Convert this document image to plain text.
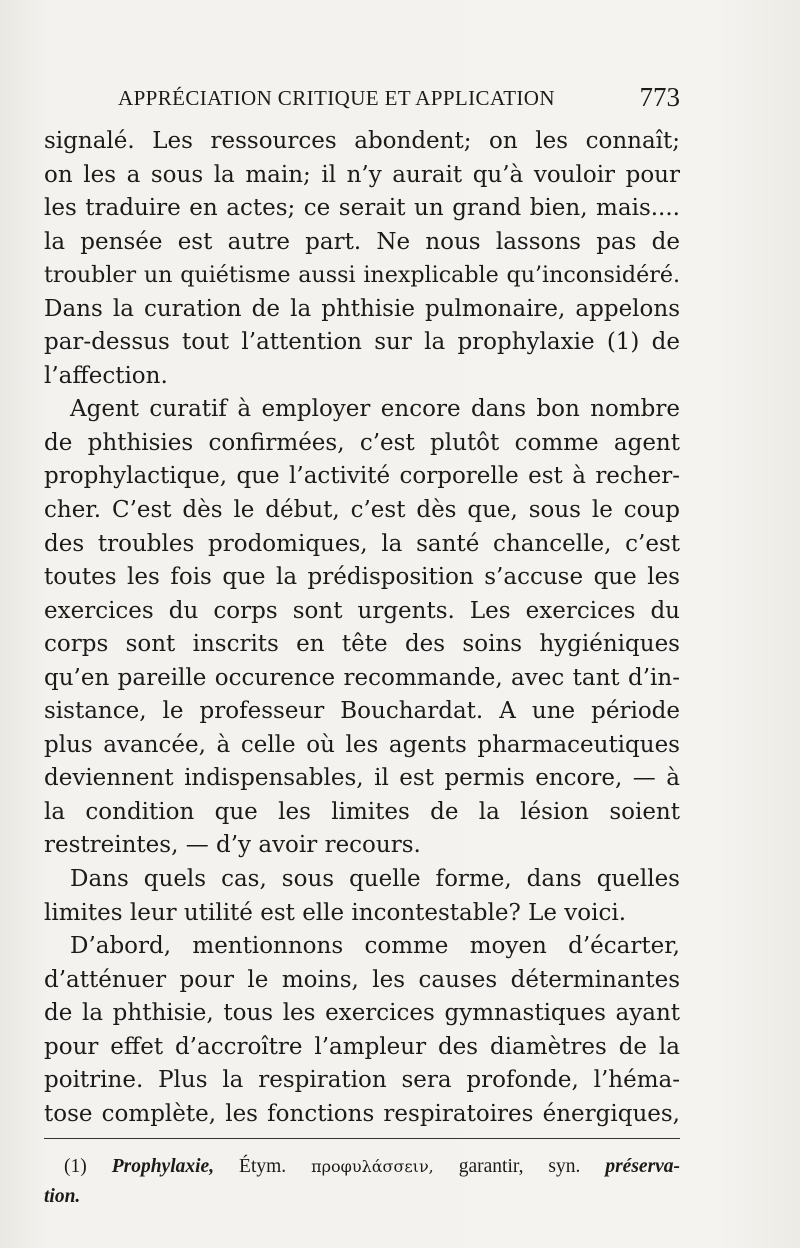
APPRÉCIATION CRITIQUE ET APPLICATION	773
signalé. Les ressources abondent; on les connaît;
on les a sous la main; il n’y aurait qu’à vouloir pour
les traduire en actes; ce serait un grand bien, mais....
la pensée est autre part. Ne nous lassons pas de
troubler un quiétisme aussi inexplicable qu’inconsidéré.
Dans la curation de la phthisie pulmonaire, appelons
par-dessus tout l’attention sur la prophylaxie (1) de
l’affection.
Agent curatif à employer encore dans bon nombre
de phthisies confirmées, c’est plutôt comme agent
prophylactique, que l’activité corporelle est à recher-
cher. C’est dès le début, c’est dès que, sous le coup
des troubles prodomiques, la santé chancelle, c’est
toutes les fois que la prédisposition s’accuse que les
exercices du corps sont urgents. Les exercices du
corps sont inscrits en tête des soins hygiéniques
qu’en pareille occurence recommande, avec tant d’in-
sistance, le professeur Bouchardat. A une période
plus avancée, à celle où les agents pharmaceutiques
deviennent indispensables, il est permis encore, — à
la condition que les limites de la lésion soient
restreintes, — d’y avoir recours.
Dans quels cas, sous quelle forme, dans quelles
limites leur utilité est elle incontestable? Le voici.
D’abord, mentionnons comme moyen d’écarter,
d’atténuer pour le moins, les causes déterminantes
de la phthisie, tous les exercices gymnastiques ayant
pour effet d’accroître l’ampleur des diamètres de la
poitrine. Plus la respiration sera profonde, l’héma-
tose complète, les fonctions respiratoires énergiques,
(1) Prophylaxie, Étym. προφυλάσσειν, garantir, syn. préserva-
tion.
